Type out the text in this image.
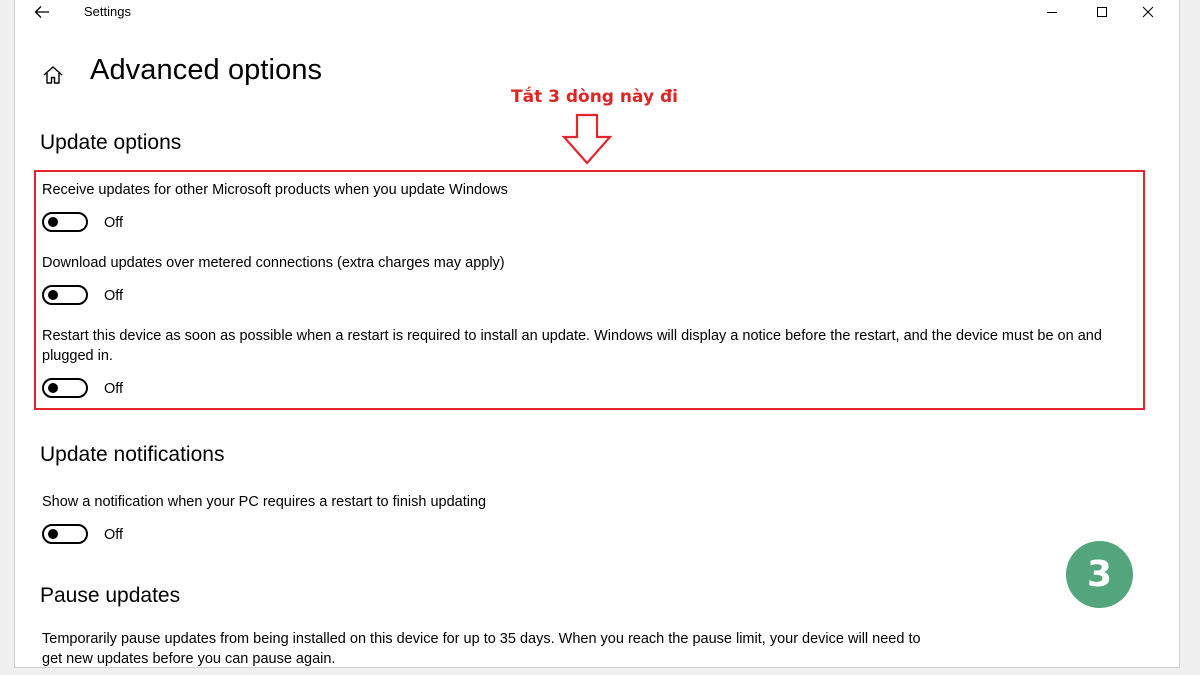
Settings
Advanced options
Tắt 3 dòng này đi
Update options
Receive updates for other Microsoft products when you update Windows
Off
Download updates over metered connections (extra charges may apply)
Off
Restart this device as soon as possible when a restart is required to install an update. Windows will display a notice before the restart, and the device must be on and plugged in.
Off
Update notifications
Show a notification when your PC requires a restart to finish updating
Off
Pause updates
Temporarily pause updates from being installed on this device for up to 35 days. When you reach the pause limit, your device will need to get new updates before you can pause again.
3
